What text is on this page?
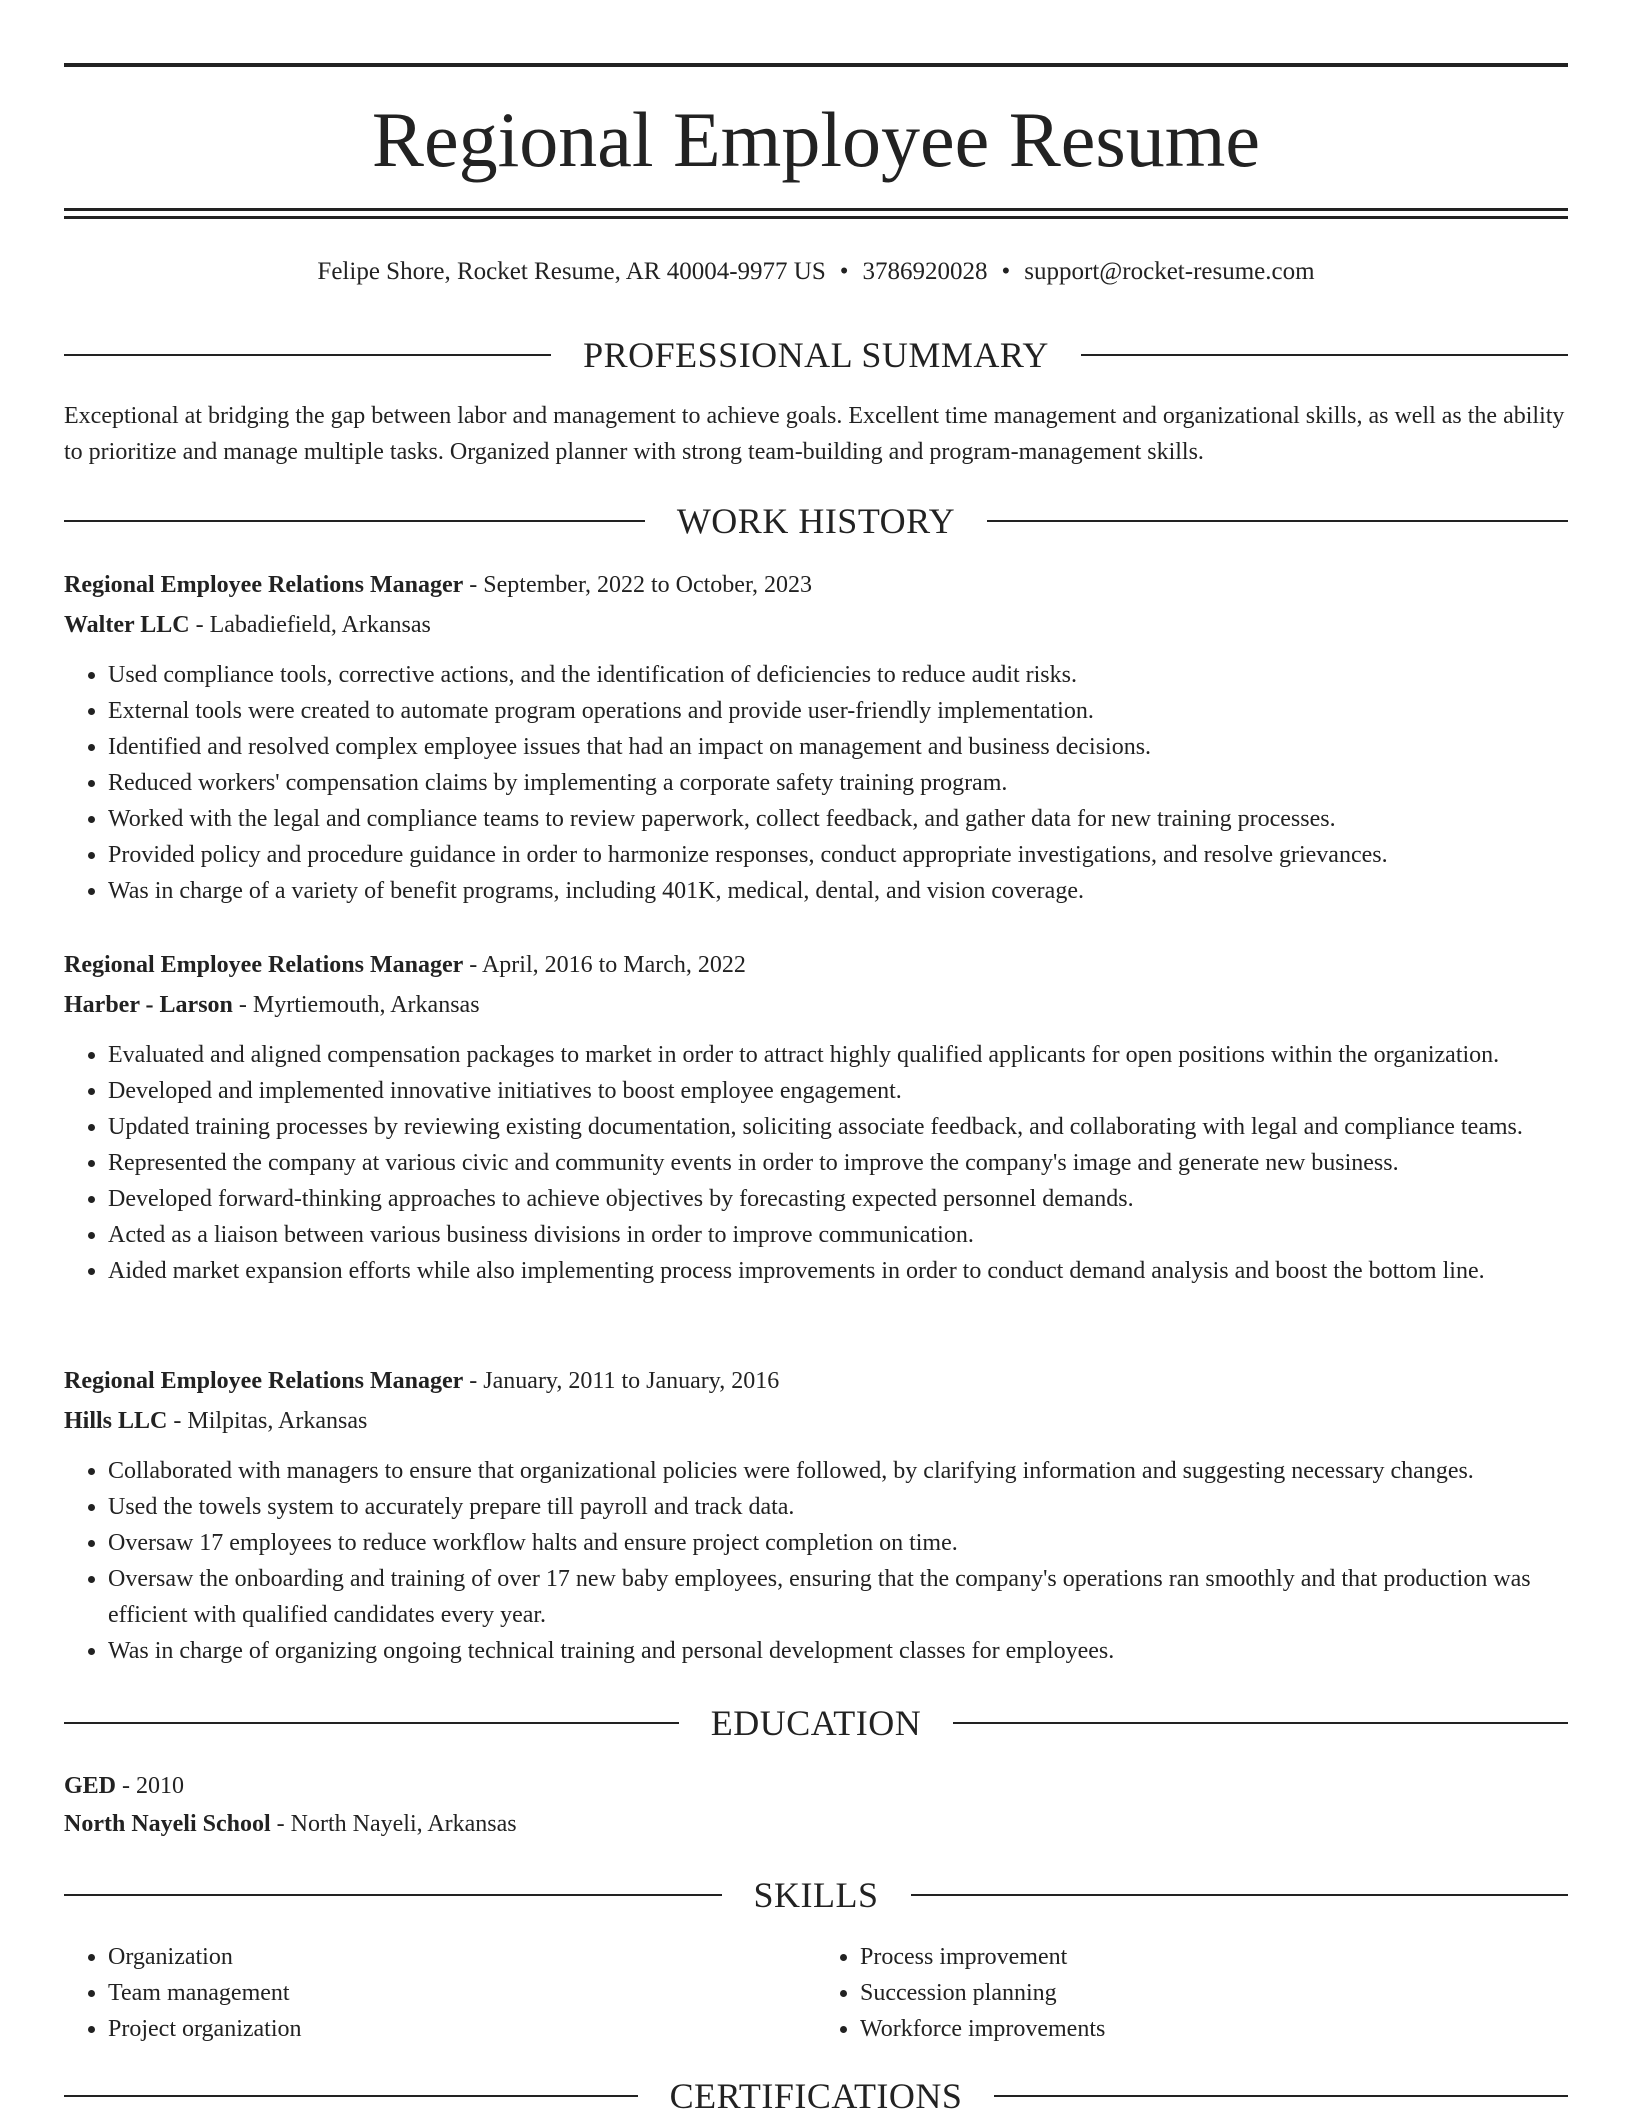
Regional Employee Resume
Felipe Shore, Rocket Resume, AR 40004-9977 US • 3786920028 • support@rocket-resume.com
PROFESSIONAL SUMMARY
Exceptional at bridging the gap between labor and management to achieve goals. Excellent time management and organizational skills, as well as the ability to prioritize and manage multiple tasks. Organized planner with strong team-building and program-management skills.
WORK HISTORY
Regional Employee Relations Manager - September, 2022 to October, 2023
Walter LLC - Labadiefield, Arkansas
• Used compliance tools, corrective actions, and the identification of deficiencies to reduce audit risks.
• External tools were created to automate program operations and provide user-friendly implementation.
• Identified and resolved complex employee issues that had an impact on management and business decisions.
• Reduced workers' compensation claims by implementing a corporate safety training program.
• Worked with the legal and compliance teams to review paperwork, collect feedback, and gather data for new training processes.
• Provided policy and procedure guidance in order to harmonize responses, conduct appropriate investigations, and resolve grievances.
• Was in charge of a variety of benefit programs, including 401K, medical, dental, and vision coverage.
Regional Employee Relations Manager - April, 2016 to March, 2022
Harber - Larson - Myrtiemouth, Arkansas
• Evaluated and aligned compensation packages to market in order to attract highly qualified applicants for open positions within the organization.
• Developed and implemented innovative initiatives to boost employee engagement.
• Updated training processes by reviewing existing documentation, soliciting associate feedback, and collaborating with legal and compliance teams.
• Represented the company at various civic and community events in order to improve the company's image and generate new business.
• Developed forward-thinking approaches to achieve objectives by forecasting expected personnel demands.
• Acted as a liaison between various business divisions in order to improve communication.
• Aided market expansion efforts while also implementing process improvements in order to conduct demand analysis and boost the bottom line.
Regional Employee Relations Manager - January, 2011 to January, 2016
Hills LLC - Milpitas, Arkansas
• Collaborated with managers to ensure that organizational policies were followed, by clarifying information and suggesting necessary changes.
• Used the towels system to accurately prepare till payroll and track data.
• Oversaw 17 employees to reduce workflow halts and ensure project completion on time.
• Oversaw the onboarding and training of over 17 new baby employees, ensuring that the company's operations ran smoothly and that production was efficient with qualified candidates every year.
• Was in charge of organizing ongoing technical training and personal development classes for employees.
EDUCATION
GED - 2010
North Nayeli School - North Nayeli, Arkansas
SKILLS
• Organization
• Team management
• Project organization
• Process improvement
• Succession planning
• Workforce improvements
CERTIFICATIONS
